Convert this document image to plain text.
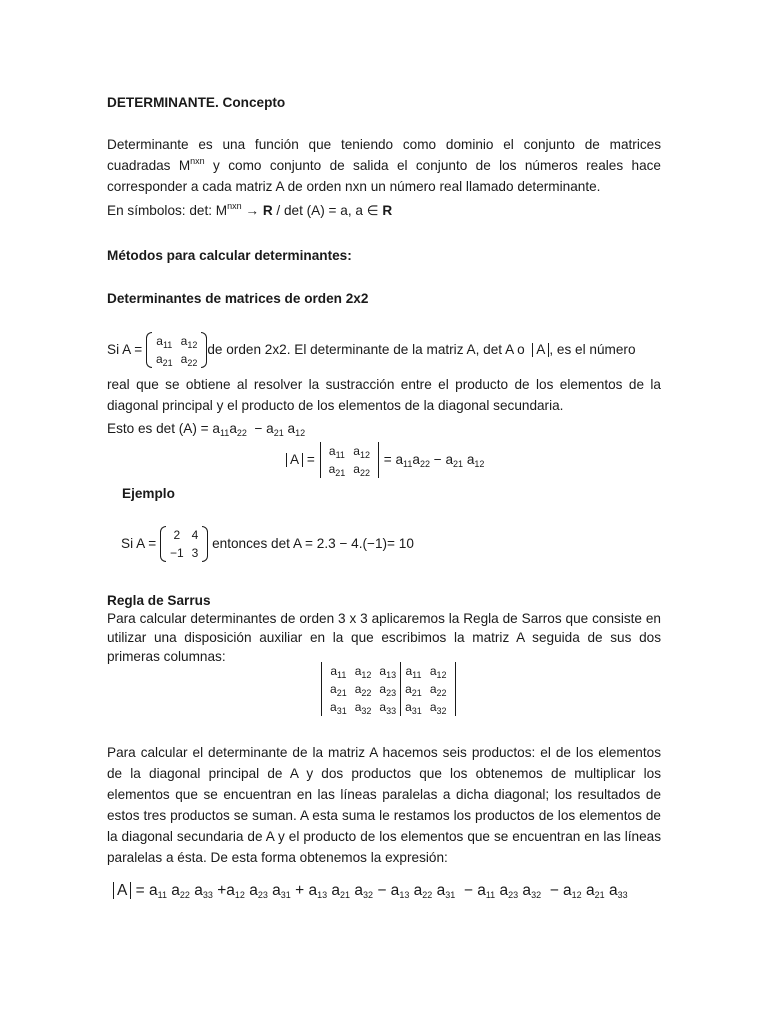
DETERMINANTE. Concepto
Determinante es una función que teniendo como dominio el conjunto de matrices cuadradas $M^{nxn}$ y como conjunto de salida el conjunto de los números reales hace corresponder a cada matriz A de orden nxn un número real llamado determinante.
En símbolos: det: $M^{nxn} \to R / \det (A) = a$, a ∈ R
Métodos para calcular determinantes:
Determinantes de matrices de orden 2x2
Si A =
$a_{11}$	$a_{12}$
$a_{21}$	$a_{22}$
de orden 2x2. El determinante de la matriz A, det A o A , es el número
real que se obtiene al resolver la sustracción entre el producto de los elementos de la diagonal principal y el producto de los elementos de la diagonal secundaria.
Esto es $\det (A) = a_{11}a_{22} - a_{21}$ $a_{12}$
A =
$a_{11}$	$a_{12}$
$a_{21}$	$a_{22}$
= $a_{11}a_{22} - a_{21}$ $a_{12}$
Ejemplo
Si A =
2	4
−1	3
entonces det A = 2.3 − 4.(−1)= 10
Regla de Sarrus
Para calcular determinantes de orden 3 x 3 aplicaremos la Regla de Sarros que consiste en utilizar una disposición auxiliar en la que escribimos la matriz A seguida de sus dos primeras columnas:
$a_{11}$	$a_{12}$	$a_{13}$	$a_{11}$	$a_{12}$
$a_{21}$	$a_{22}$	$a_{23}$	$a_{21}$	$a_{22}$
$a_{31}$	$a_{32}$	$a_{33}$	$a_{31}$	$a_{32}$
Para calcular el determinante de la matriz A hacemos seis productos: el de los elementos de la diagonal principal de A y dos productos que los obtenemos de multiplicar los elementos que se encuentran en las líneas paralelas a dicha diagonal; los resultados de estos tres productos se suman. A esta suma le restamos los productos de los elementos de la diagonal secundaria de A y el producto de los elementos que se encuentran en las líneas paralelas a ésta. De esta forma obtenemos la expresión:
$A = a_{11}$ $a_{22}$ $a_{33} +a_{12}$ $a_{23}$ $a_{31} + a_{13}$ $a_{21}$ $a_{32} - a_{13}$ $a_{22}$ $a_{31} - a_{11}$ $a_{23}$ $a_{32} - a_{12}$ $a_{21}$ $a_{33}$
